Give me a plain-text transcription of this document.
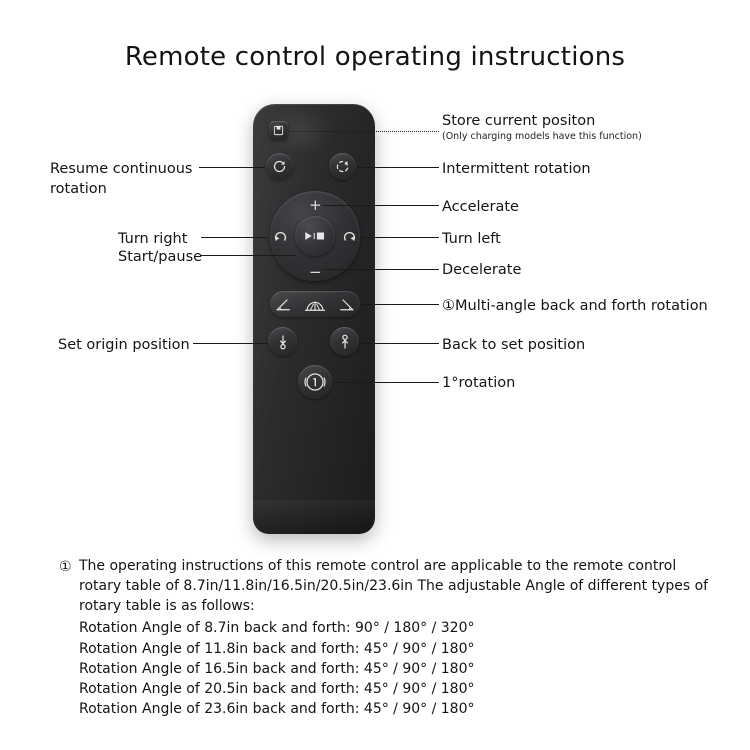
Remote control operating instructions
+
−
Store current positon
(Only charging models have this function)
Intermittent rotation
Accelerate
Turn left
Decelerate
①Multi-angle back and forth rotation
Back to set position
1°rotation
Resume continuous
rotation
Turn right
Start/pause
Set origin position
① The operating instructions of this remote control are applicable to the remote control rotary table of 8.7in/11.8in/16.5in/20.5in/23.6in The adjustable Angle of different types of rotary table is as follows:
Rotation Angle of 8.7in back and forth: 90° / 180° / 320°
Rotation Angle of 11.8in back and forth: 45° / 90° / 180°
Rotation Angle of 16.5in back and forth: 45° / 90° / 180°
Rotation Angle of 20.5in back and forth: 45° / 90° / 180°
Rotation Angle of 23.6in back and forth: 45° / 90° / 180°
